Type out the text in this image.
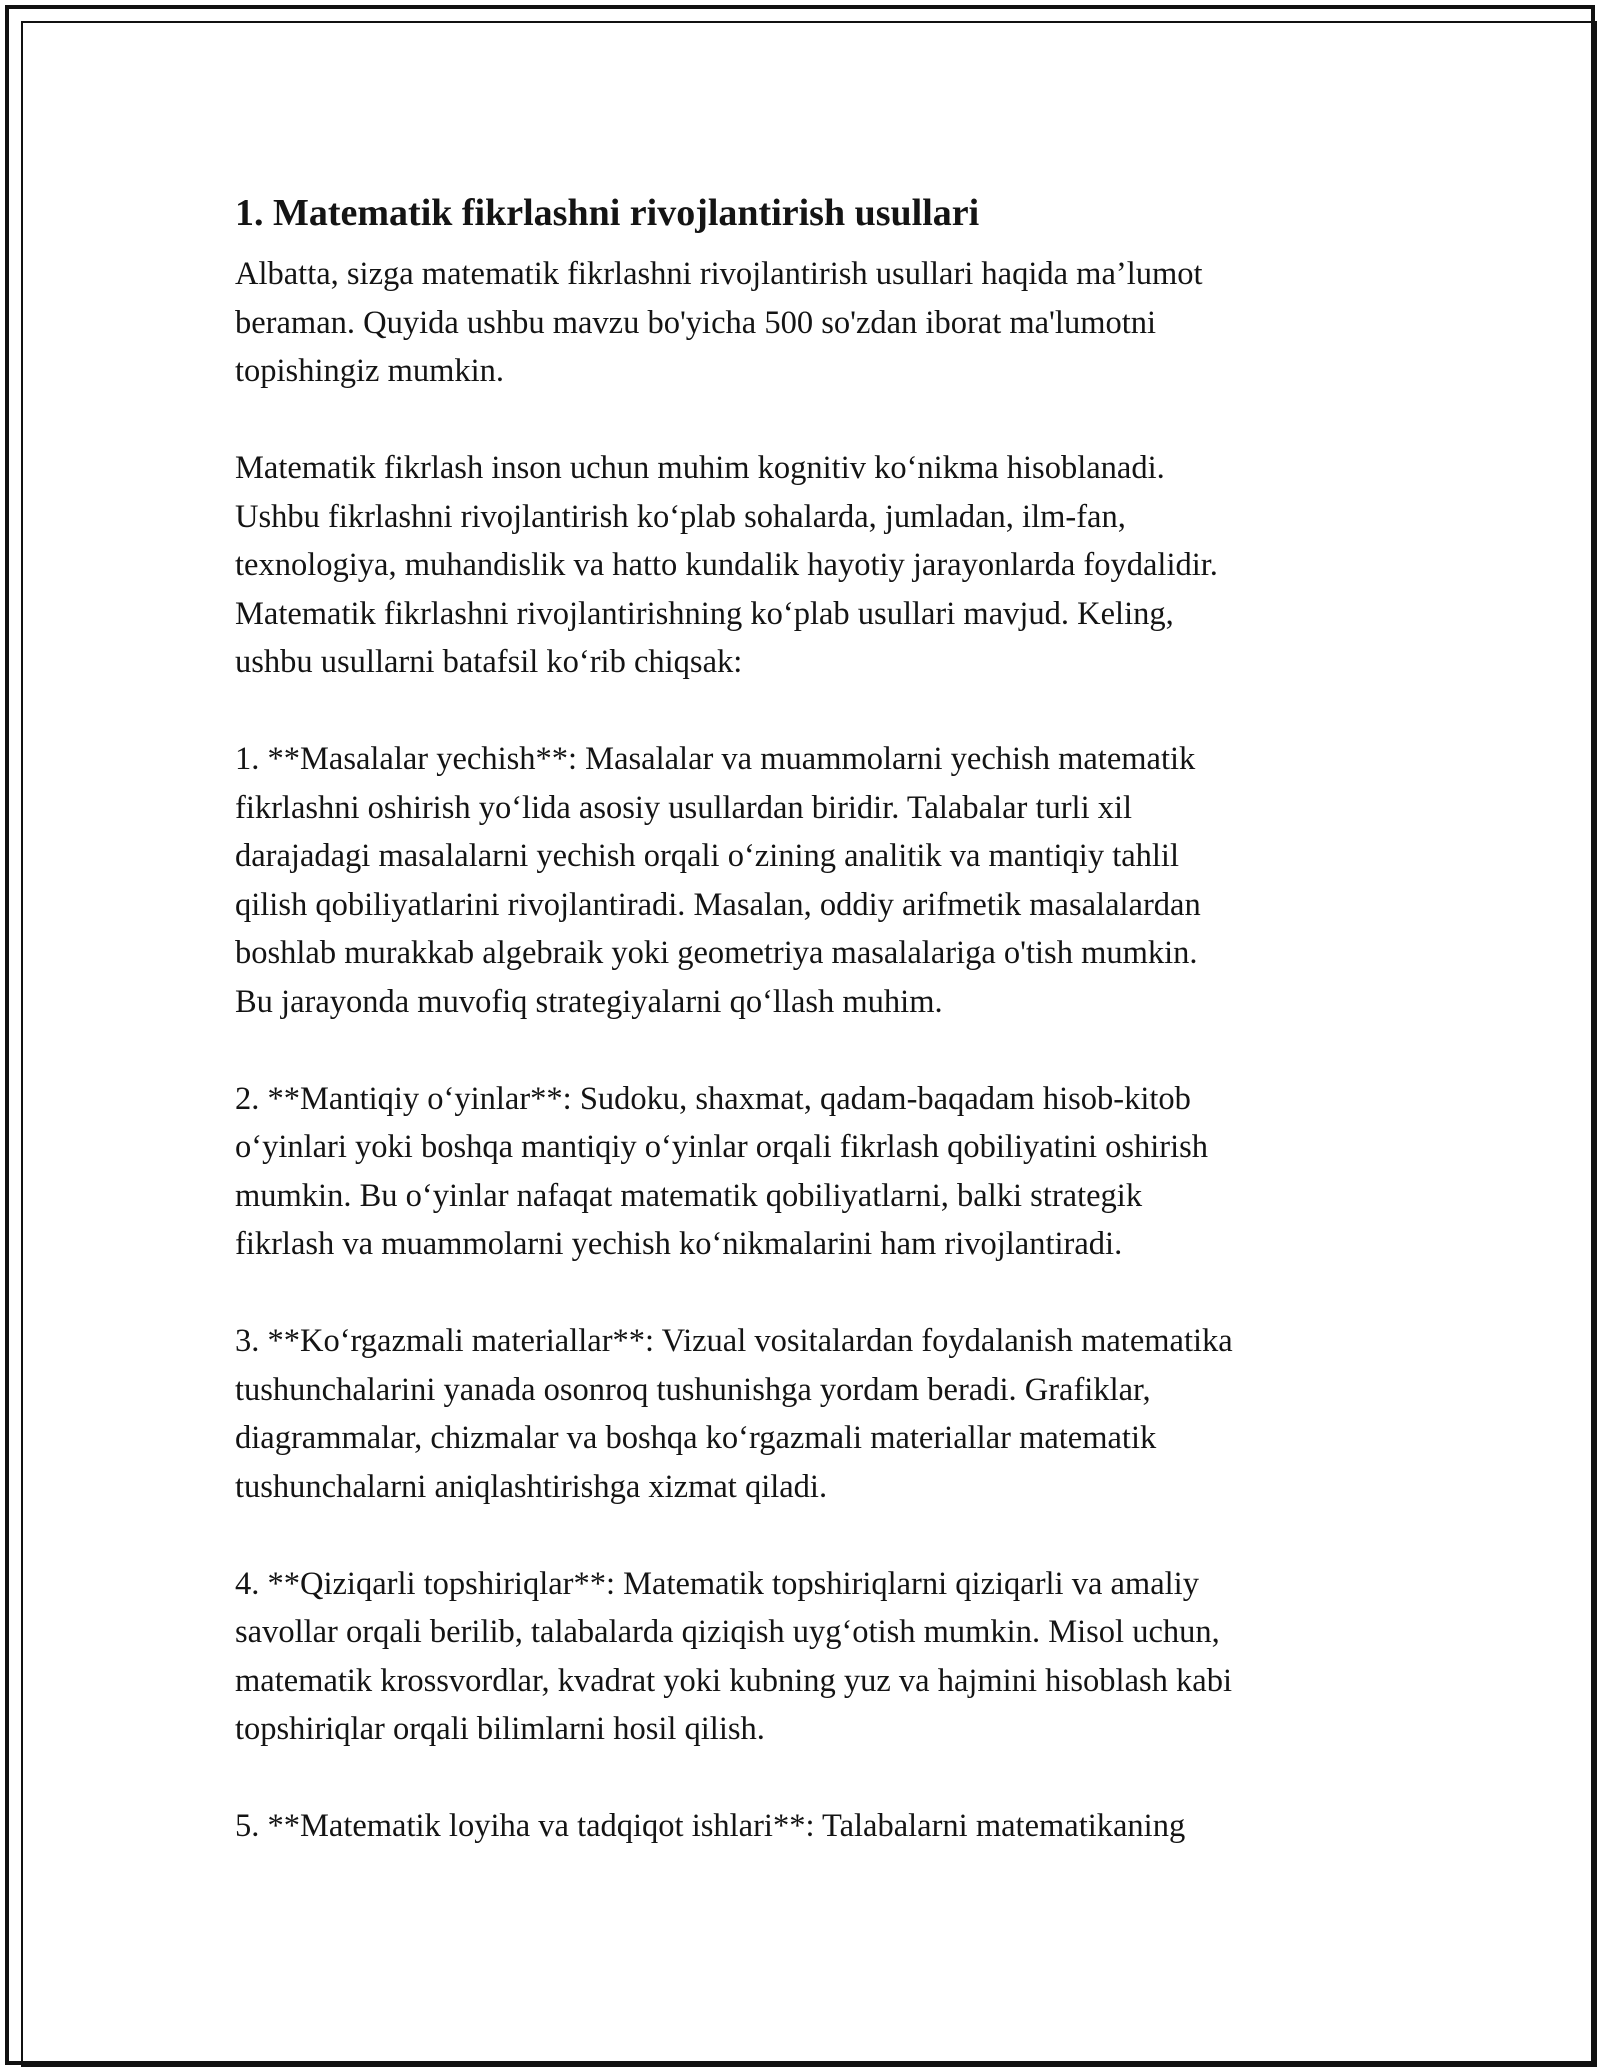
1. Matematik fikrlashni rivojlantirish usullari

Albatta, sizga matematik fikrlashni rivojlantirish usullari haqida ma’lumot
beraman. Quyida ushbu mavzu bo'yicha 500 so'zdan iborat ma'lumotni
topishingiz mumkin.

Matematik fikrlash inson uchun muhim kognitiv ko‘nikma hisoblanadi.
Ushbu fikrlashni rivojlantirish ko‘plab sohalarda, jumladan, ilm-fan,
texnologiya, muhandislik va hatto kundalik hayotiy jarayonlarda foydalidir.
Matematik fikrlashni rivojlantirishning ko‘plab usullari mavjud. Keling,
ushbu usullarni batafsil ko‘rib chiqsak:

1. **Masalalar yechish**: Masalalar va muammolarni yechish matematik
fikrlashni oshirish yo‘lida asosiy usullardan biridir. Talabalar turli xil
darajadagi masalalarni yechish orqali o‘zining analitik va mantiqiy tahlil
qilish qobiliyatlarini rivojlantiradi. Masalan, oddiy arifmetik masalalardan
boshlab murakkab algebraik yoki geometriya masalalariga o'tish mumkin.
Bu jarayonda muvofiq strategiyalarni qo‘llash muhim.

2. **Mantiqiy o‘yinlar**: Sudoku, shaxmat, qadam-baqadam hisob-kitob
o‘yinlari yoki boshqa mantiqiy o‘yinlar orqali fikrlash qobiliyatini oshirish
mumkin. Bu o‘yinlar nafaqat matematik qobiliyatlarni, balki strategik
fikrlash va muammolarni yechish ko‘nikmalarini ham rivojlantiradi.

3. **Ko‘rgazmali materiallar**: Vizual vositalardan foydalanish matematika
tushunchalarini yanada osonroq tushunishga yordam beradi. Grafiklar,
diagrammalar, chizmalar va boshqa ko‘rgazmali materiallar matematik
tushunchalarni aniqlashtirishga xizmat qiladi.

4. **Qiziqarli topshiriqlar**: Matematik topshiriqlarni qiziqarli va amaliy
savollar orqali berilib, talabalarda qiziqish uyg‘otish mumkin. Misol uchun,
matematik krossvordlar, kvadrat yoki kubning yuz va hajmini hisoblash kabi
topshiriqlar orqali bilimlarni hosil qilish.

5. **Matematik loyiha va tadqiqot ishlari**: Talabalarni matematikaning
